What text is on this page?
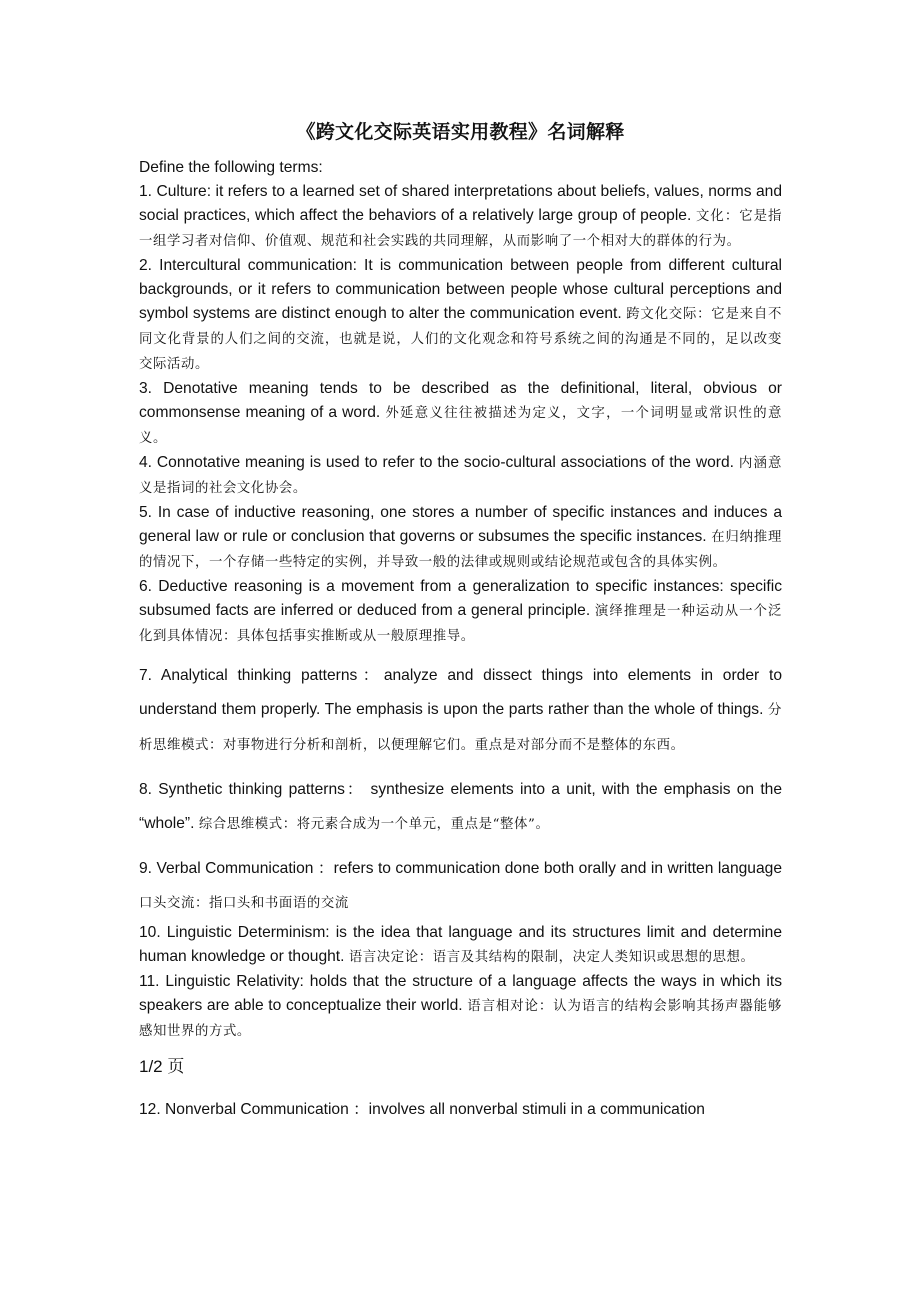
《跨文化交际英语实用教程》名词解释

Define the following terms:

1. Culture: it refers to a learned set of shared interpretations about beliefs, values, norms and social practices, which affect the behaviors of a relatively large group of people. 文化：它是指一组学习者对信仰、价值观、规范和社会实践的共同理解，从而影响了一个相对大的群体的行为。

2. Intercultural communication: It is communication between people from different cultural backgrounds, or it refers to communication between people whose cultural perceptions and symbol systems are distinct enough to alter the communication event. 跨文化交际：它是来自不同文化背景的人们之间的交流，也就是说，人们的文化观念和符号系统之间的沟通是不同的，足以改变交际活动。

3. Denotative meaning tends to be described as the definitional, literal, obvious or commonsense meaning of a word. 外延意义往往被描述为定义，文字，一个词明显或常识性的意义。

4. Connotative meaning is used to refer to the socio-cultural associations of the word. 内涵意义是指词的社会文化协会。

5. In case of inductive reasoning, one stores a number of specific instances and induces a general law or rule or conclusion that governs or subsumes the specific instances. 在归纳推理的情况下，一个存储一些特定的实例，并导致一般的法律或规则或结论规范或包含的具体实例。

6. Deductive reasoning is a movement from a generalization to specific instances: specific subsumed facts are inferred or deduced from a general principle. 演绎推理是一种运动从一个泛化到具体情况：具体包括事实推断或从一般原理推导。

7. Analytical thinking patterns：analyze and dissect things into elements in order to understand them properly. The emphasis is upon the parts rather than the whole of things. 分析思维模式：对事物进行分析和剖析，以便理解它们。重点是对部分而不是整体的东西。

8. Synthetic thinking patterns： synthesize elements into a unit, with the emphasis on the “whole”. 综合思维模式：将元素合成为一个单元，重点是“整体”。

9. Verbal Communication ：refers to communication done both orally and in written language 口头交流：指口头和书面语的交流

10. Linguistic Determinism: is the idea that language and its structures limit and determine human knowledge or thought. 语言决定论：语言及其结构的限制，决定人类知识或思想的思想。

11. Linguistic Relativity: holds that the structure of a language affects the ways in which its speakers are able to conceptualize their world. 语言相对论：认为语言的结构会影响其扬声器能够感知世界的方式。

1/2 页

12. Nonverbal Communication ：involves all nonverbal stimuli in a communication
